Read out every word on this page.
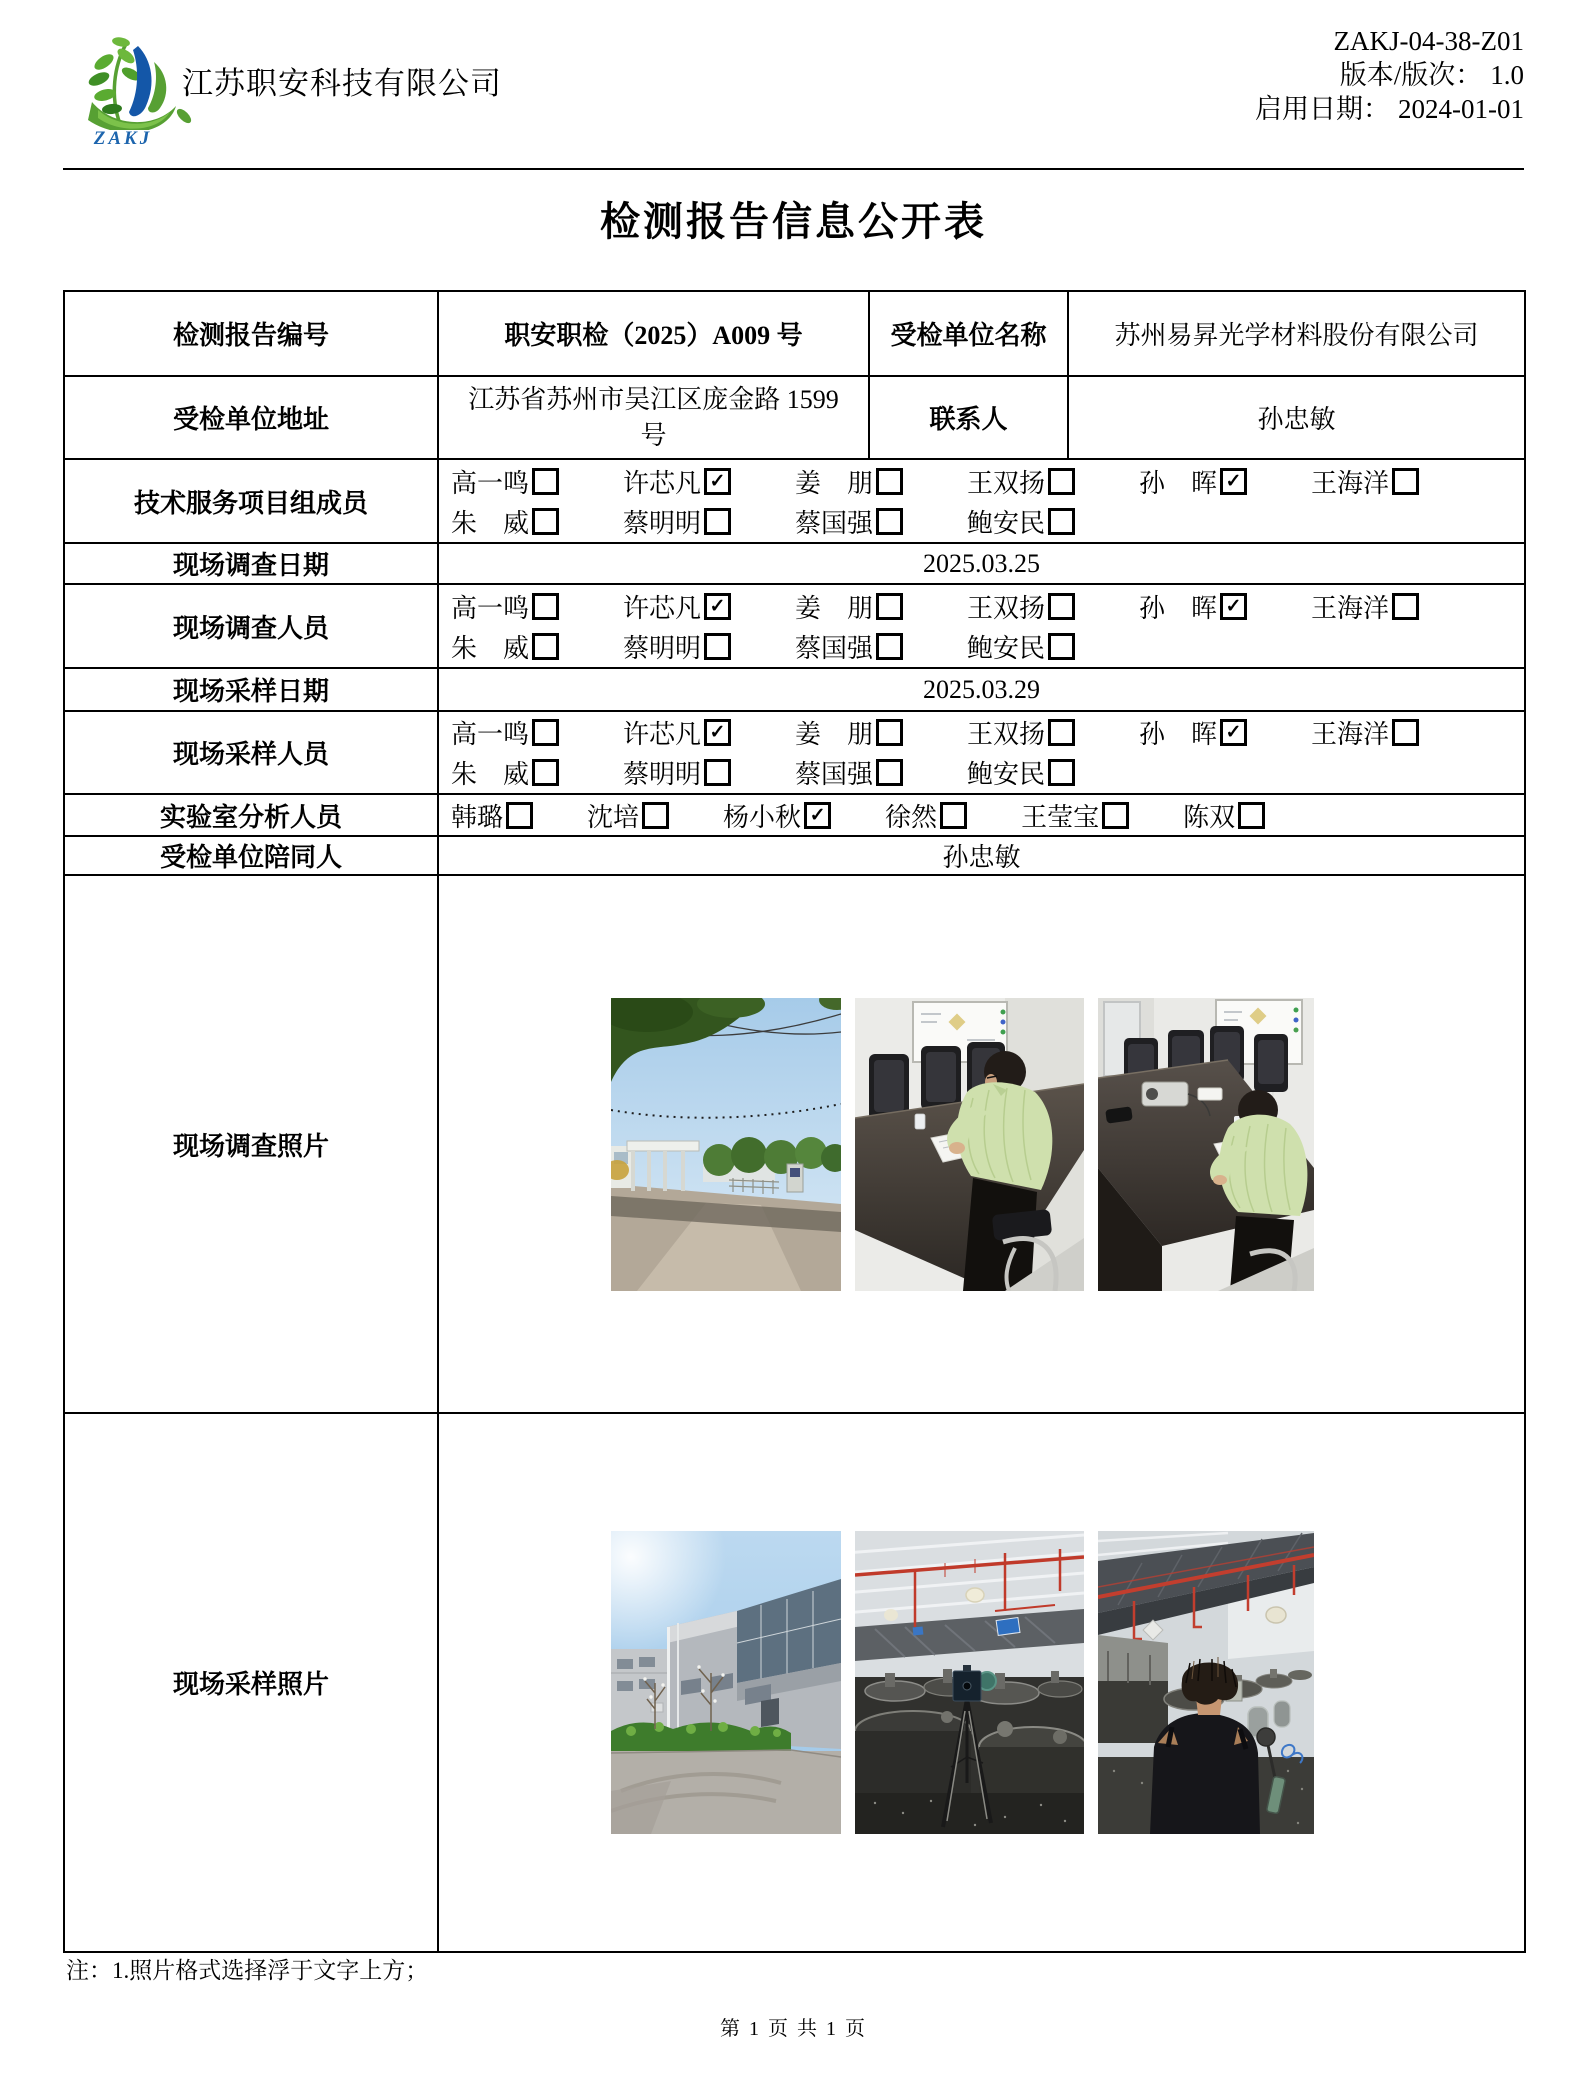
ZAKJ
江苏职安科技有限公司
ZAKJ-04-38-Z01
版本/版次： 1.0
启用日期： 2024-01-01
检测报告信息公开表
检测报告编号	职安职检（2025）A009 号	受检单位名称	苏州易昇光学材料股份有限公司
受检单位地址	江苏省苏州市吴江区庞金路 1599 号	联系人	孙忠敏
技术服务项目组成员	
高一鸣	许芯凡 ✓	姜　朋	王双扬	孙　晖 ✓	王海洋
朱　威	蔡明明	蔡国强	鲍安民

现场调查日期	2025.03.25		
现场调查人员	
高一鸣	许芯凡 ✓	姜　朋	王双扬	孙　晖 ✓	王海洋
朱　威	蔡明明	蔡国强	鲍安民

现场采样日期	2025.03.29		
现场采样人员	
高一鸣	许芯凡 ✓	姜　朋	王双扬	孙　晖 ✓	王海洋
朱　威	蔡明明	蔡国强	鲍安民

实验室分析人员	韩璐	沈培	杨小秋 ✓ 徐然	王莹宝	陈双

受检单位陪同人	孙忠敏		
现场调查照片	

现场采样照片	
注：1.照片格式选择浮于文字上方；
第 1 页 共 1 页
